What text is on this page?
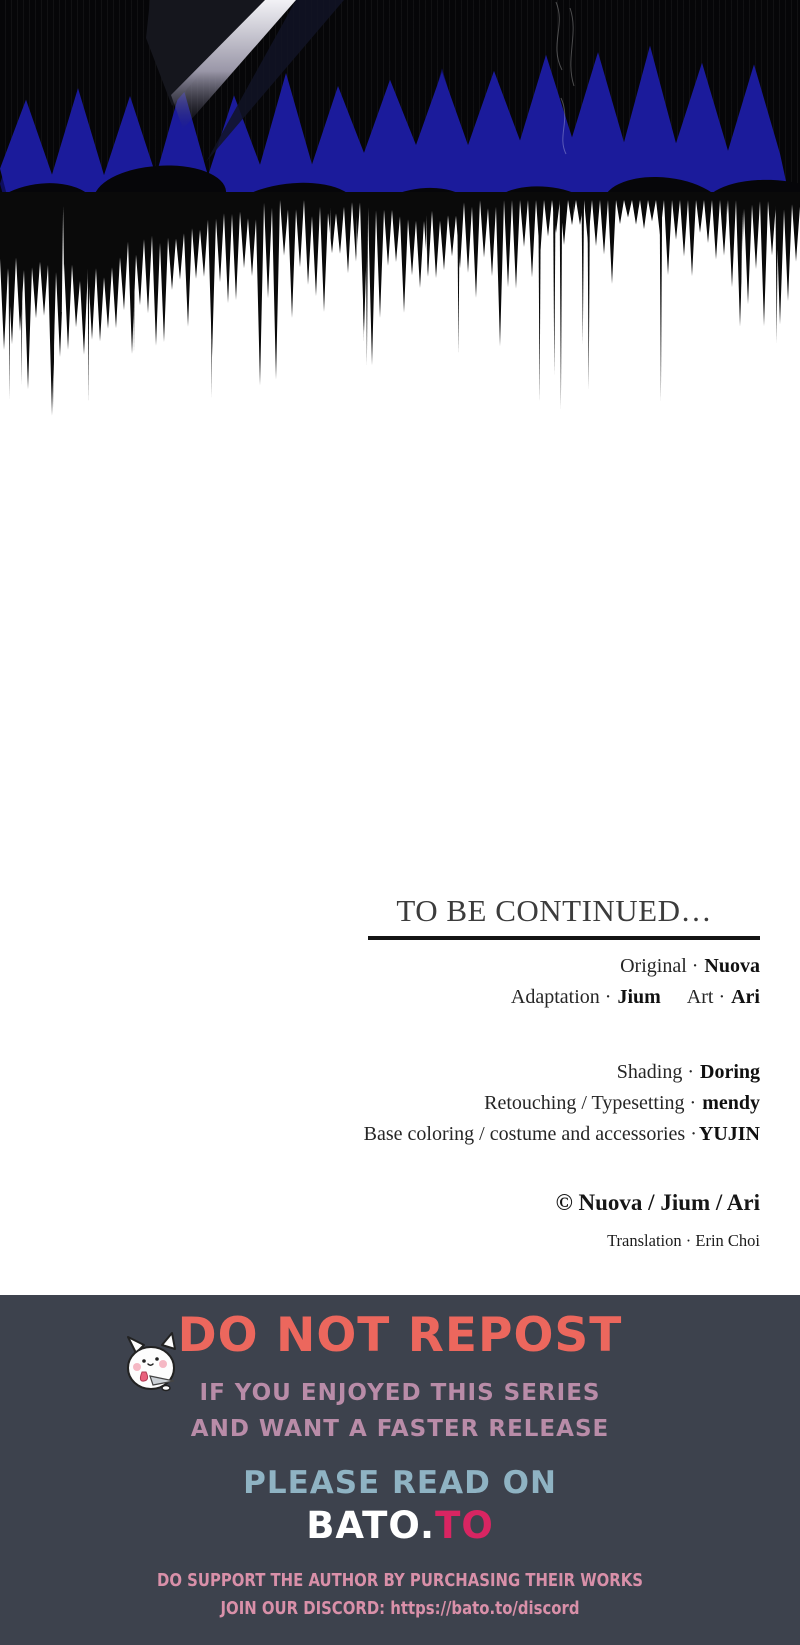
TO BE CONTINUED…
Original · Nuova
Adaptation · Jium Art · Ari
Shading · Doring
Retouching / Typesetting · mendy
Base coloring / costume and accessories · YUJIN
© Nuova / Jium / Ari
Translation · Erin Choi
DO NOT REPOST
IF YOU ENJOYED THIS SERIES
AND WANT A FASTER RELEASE
PLEASE READ ON
BATO.TO
DO SUPPORT THE AUTHOR BY PURCHASING THEIR WORKS
JOIN OUR DISCORD: https://bato.to/discord
